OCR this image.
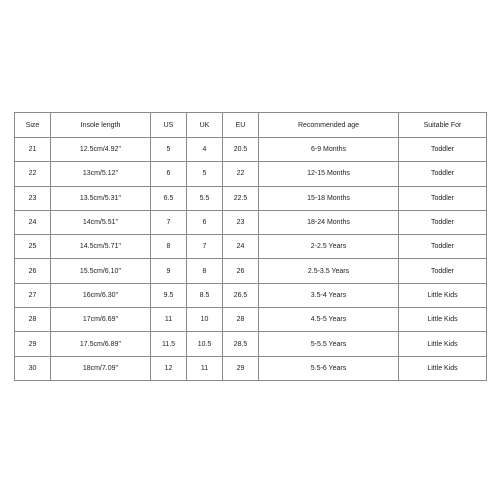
Size	Insole length	US	UK	EU	Recommended age	Suitable For
21	12.5cm/4.92''	5	4	20.5	6-9 Months	Toddler
22	13cm/5.12''	6	5	22	12-15 Months	Toddler
23	13.5cm/5.31''	6.5	5.5	22.5	15-18 Months	Toddler
24	14cm/5.51''	7	6	23	18-24 Months	Toddler
25	14.5cm/5.71''	8	7	24	2-2.5 Years	Toddler
26	15.5cm/6.10''	9	8	26	2.5-3.5 Years	Toddler
27	16cm/6.30''	9.5	8.5	26.5	3.5-4 Years	Little Kids
28	17cm/6.69''	11	10	28	4.5-5 Years	Little Kids
29	17.5cm/6.89''	11.5	10.5	28.5	5-5.5 Years	Little Kids
30	18cm/7.09''	12	11	29	5.5-6 Years	Little Kids
